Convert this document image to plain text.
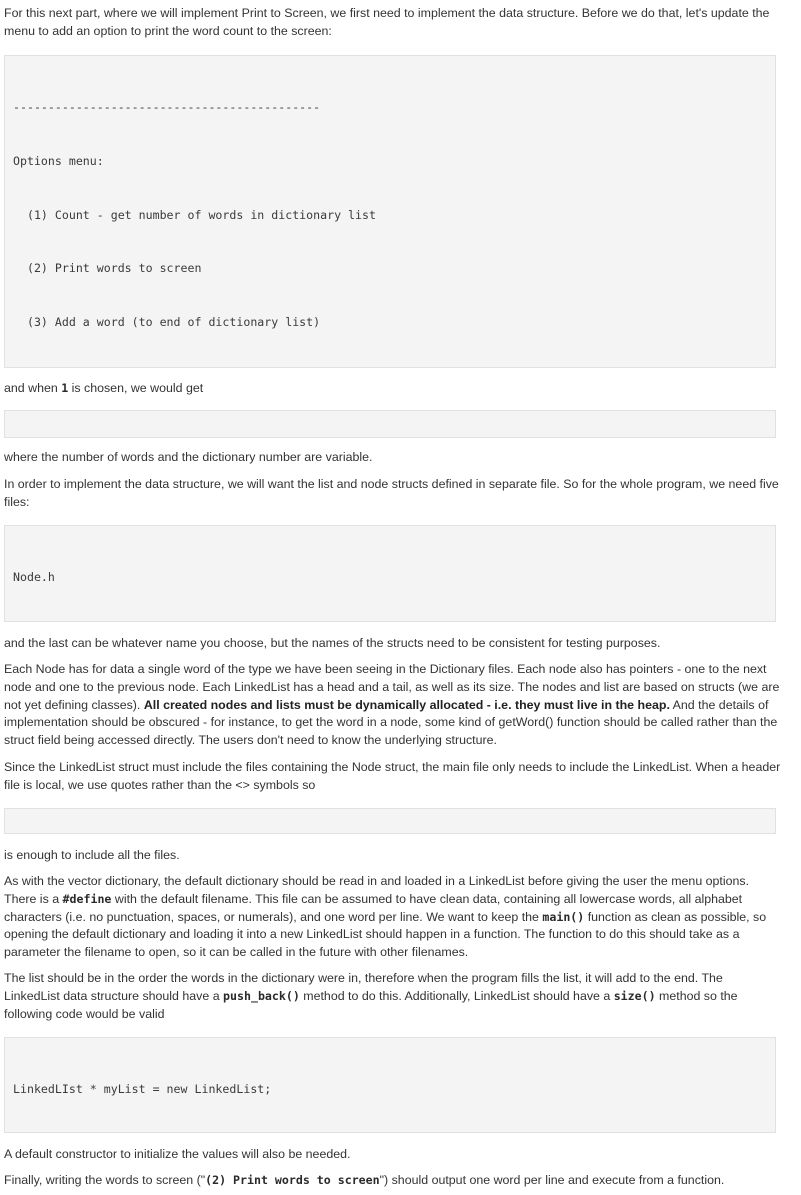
For this next part, where we will implement Print to Screen, we first need to implement the data structure. Before we do that, let's update the menu to add an option to print the word count to the screen:

--------------------------------------------

Options menu:

(1) Count - get number of words in dictionary list

(2) Print words to screen

(3) Add a word (to end of dictionary list)

and when 1 is chosen, we would get

where the number of words and the dictionary number are variable.

In order to implement the data structure, we will want the list and node structs defined in separate file. So for the whole program, we need five files:

Node.h

and the last can be whatever name you choose, but the names of the structs need to be consistent for testing purposes.

Each Node has for data a single word of the type we have been seeing in the Dictionary files. Each node also has pointers - one to the next node and one to the previous node. Each LinkedList has a head and a tail, as well as its size. The nodes and list are based on structs (we are not yet defining classes). All created nodes and lists must be dynamically allocated - i.e. they must live in the heap. And the details of implementation should be obscured - for instance, to get the word in a node, some kind of getWord() function should be called rather than the struct field being accessed directly. The users don't need to know the underlying structure.

Since the LinkedList struct must include the files containing the Node struct, the main file only needs to include the LinkedList. When a header file is local, we use quotes rather than the <> symbols so

is enough to include all the files.

As with the vector dictionary, the default dictionary should be read in and loaded in a LinkedList before giving the user the menu options. There is a #define with the default filename. This file can be assumed to have clean data, containing all lowercase words, all alphabet characters (i.e. no punctuation, spaces, or numerals), and one word per line. We want to keep the main() function as clean as possible, so opening the default dictionary and loading it into a new LinkedList should happen in a function. The function to do this should take as a parameter the filename to open, so it can be called in the future with other filenames.

The list should be in the order the words in the dictionary were in, therefore when the program fills the list, it will add to the end. The LinkedList data structure should have a push_back() method to do this. Additionally, LinkedList should have a size() method so the following code would be valid

LinkedLIst * myList = new LinkedList;

A default constructor to initialize the values will also be needed.

Finally, writing the words to screen ("(2) Print words to screen") should output one word per line and execute from a function.
